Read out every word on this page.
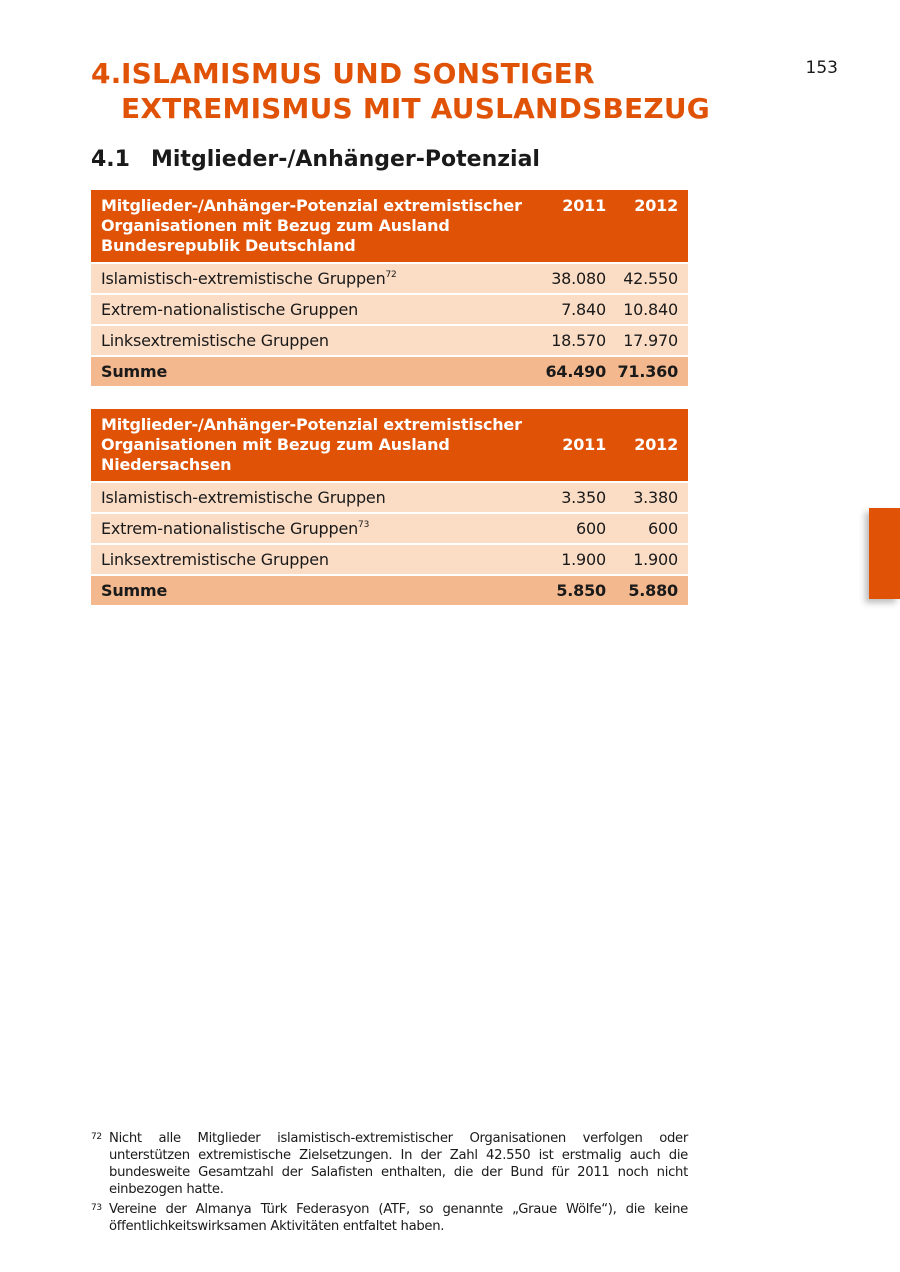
153
4.ISLAMISMUS UND SONSTIGER
EXTREMISMUS MIT AUSLANDSBEZUG
4.1 Mitglieder-/Anhänger-Potenzial
Mitglieder-/Anhänger-Potenzial extremistischer
Organisationen mit Bezug zum Ausland
Bundesrepublik Deutschland	2011	2012
Islamistisch-extremistische Gruppen$^{72}$	38.080	42.550
Extrem-nationalistische Gruppen	7.840	10.840
Linksextremistische Gruppen	18.570	17.970
Summe	64.490	71.360
Mitglieder-/Anhänger-Potenzial extremistischer
Organisationen mit Bezug zum Ausland
Niedersachsen	2011	2012
Islamistisch-extremistische Gruppen	3.350	3.380
Extrem-nationalistische Gruppen$^{73}$	600	600
Linksextremistische Gruppen	1.900	1.900
Summe	5.850	5.880
72 Nicht alle Mitglieder islamistisch-extremistischer Organisationen verfolgen oder unterstützen extremistische Zielsetzungen. In der Zahl 42.550 ist erstmalig auch die bundesweite Gesamtzahl der Salafisten enthalten, die der Bund für 2011 noch nicht einbezogen hatte.
73 Vereine der Almanya Türk Federasyon (ATF, so genannte „Graue Wölfe“), die keine öffentlichkeitswirksamen Aktivitäten entfaltet haben.
